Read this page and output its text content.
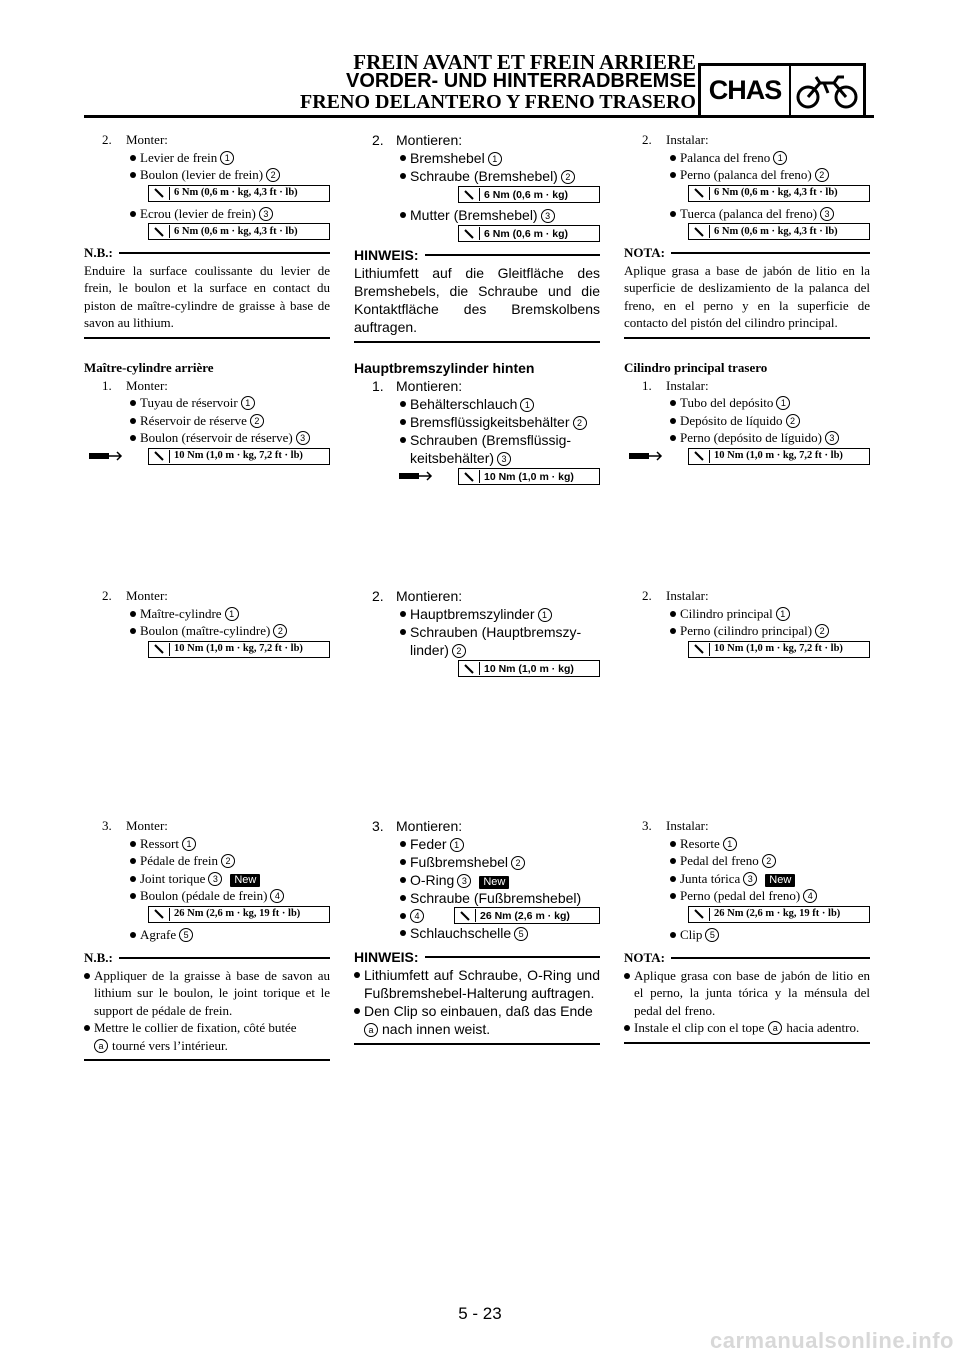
FREIN AVANT ET FREIN ARRIERE
VORDER- UND HINTERRADBREMSE
FRENO DELANTERO Y FRENO TRASERO CHAS
2. Monter:
Levier de frein 1
Boulon (levier de frein) 2
6 Nm (0,6 m · kg, 4,3 ft · lb)
Ecrou (levier de frein) 3
6 Nm (0,6 m · kg, 4,3 ft · lb)
N.B.:
Enduire la surface coulissante du levier de frein, le boulon et la surface en contact du piston de maître-cylindre de graisse à base de savon au lithium.
Maître-cylindre arrière
1. Monter:
Tuyau de réservoir 1
Réservoir de réserve 2
Boulon (réservoir de réserve) 3
10 Nm (1,0 m · kg, 7,2 ft · lb)
2. Monter:
Maître-cylindre 1
Boulon (maître-cylindre) 2
10 Nm (1,0 m · kg, 7,2 ft · lb)
3. Monter:
Ressort 1
Pédale de frein 2
Joint torique 3 New
Boulon (pédale de frein) 4
26 Nm (2,6 m · kg, 19 ft · lb)
Agrafe 5
N.B.:
Appliquer de la graisse à base de savon au lithium sur le boulon, le joint torique et le support de pédale de frein.
Mettre le collier de fixation, côté butée
a tourné vers l’intérieur.
2. Montieren:
Bremshebel 1
Schraube (Bremshebel) 2
6 Nm (0,6 m · kg)
Mutter (Bremshebel) 3
6 Nm (0,6 m · kg)
HINWEIS:
Lithiumfett auf die Gleitfläche des Bremshebels, die Schraube und die Kontaktfläche des Bremskolbens auftragen.
Hauptbremszylinder hinten
1. Montieren:
Behälterschlauch 1
Bremsflüssigkeitsbehälter 2
Schrauben (Bremsflüssig-keitsbehälter) 3
10 Nm (1,0 m · kg)
2. Montieren:
Hauptbremszylinder 1
Schrauben (Hauptbremszy-linder) 2
10 Nm (1,0 m · kg)
3. Montieren:
Feder 1
Fußbremshebel 2
O-Ring 3 New
Schraube (Fußbremshebel)
4	26 Nm (2,6 m · kg)
Schlauchschelle 5
HINWEIS:
Lithiumfett auf Schraube, O-Ring und Fußbremshebel-Halterung auftragen.
Den Clip so einbauen, daß das Ende
a nach innen weist.
2. Instalar:
Palanca del freno 1
Perno (palanca del freno) 2
6 Nm (0,6 m · kg, 4,3 ft · lb)
Tuerca (palanca del freno) 3
6 Nm (0,6 m · kg, 4,3 ft · lb)
NOTA:
Aplique grasa a base de jabón de litio en la superficie de deslizamiento de la palanca del freno, en el perno y en la superficie de contacto del pistón del cilindro principal.
Cilindro principal trasero
1. Instalar:
Tubo del depósito 1
Depósito de líquido 2
Perno (depósito de líguido) 3
10 Nm (1,0 m · kg, 7,2 ft · lb)
2. Instalar:
Cilindro principal 1
Perno (cilindro principal) 2
10 Nm (1,0 m · kg, 7,2 ft · lb)
3. Instalar:
Resorte 1
Pedal del freno 2
Junta tórica 3 New
Perno (pedal del freno) 4
26 Nm (2,6 m · kg, 19 ft · lb)
Clip 5
NOTA:
Aplique grasa con base de jabón de litio en el perno, la junta tórica y la ménsula del pedal del freno.
Instale el clip con el tope a hacia adentro.
5 - 23
carmanualsonline.info
